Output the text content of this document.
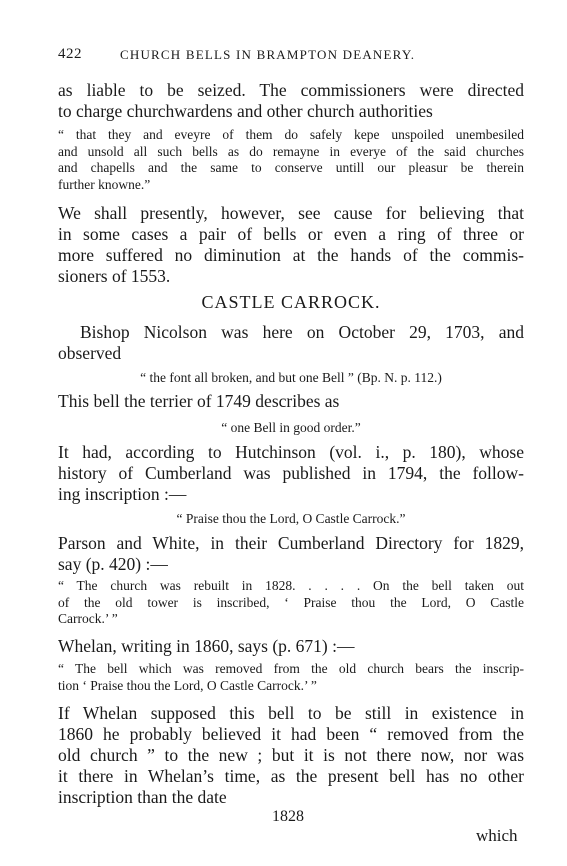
422	CHURCH BELLS IN BRAMPTON DEANERY.

as liable to be seized. The commissioners were directed
to charge churchwardens and other church authorities

“ that they and eveyre of them do safely kepe unspoiled unembesiled
and unsold all such bells as do remayne in everye of the said churches
and chapells and the same to conserve untill our pleasur be therein
further knowne.”

We shall presently, however, see cause for believing that
in some cases a pair of bells or even a ring of three or
more suffered no diminution at the hands of the commis-
sioners of 1553.

CASTLE CARROCK.

Bishop Nicolson was here on October 29, 1703, and
observed

“ the font all broken, and but one Bell ” (Bp. N. p. 112.)

This bell the terrier of 1749 describes as

“ one Bell in good order.”

It had, according to Hutchinson (vol. i., p. 180), whose
history of Cumberland was published in 1794, the follow-
ing inscription :—

“ Praise thou the Lord, O Castle Carrock.”

Parson and White, in their Cumberland Directory for 1829,
say (p. 420) :—

“ The church was rebuilt in 1828. . . . . On the bell taken out
of the old tower is inscribed, ‘ Praise thou the Lord, O Castle
Carrock.’ ”

Whelan, writing in 1860, says (p. 671) :—

“ The bell which was removed from the old church bears the inscrip-
tion ‘ Praise thou the Lord, O Castle Carrock.’ ”

If Whelan supposed this bell to be still in existence in
1860 he probably believed it had been “ removed from the
old church ” to the new ; but it is not there now, nor was
it there in Whelan’s time, as the present bell has no other
inscription than the date

1828
which
